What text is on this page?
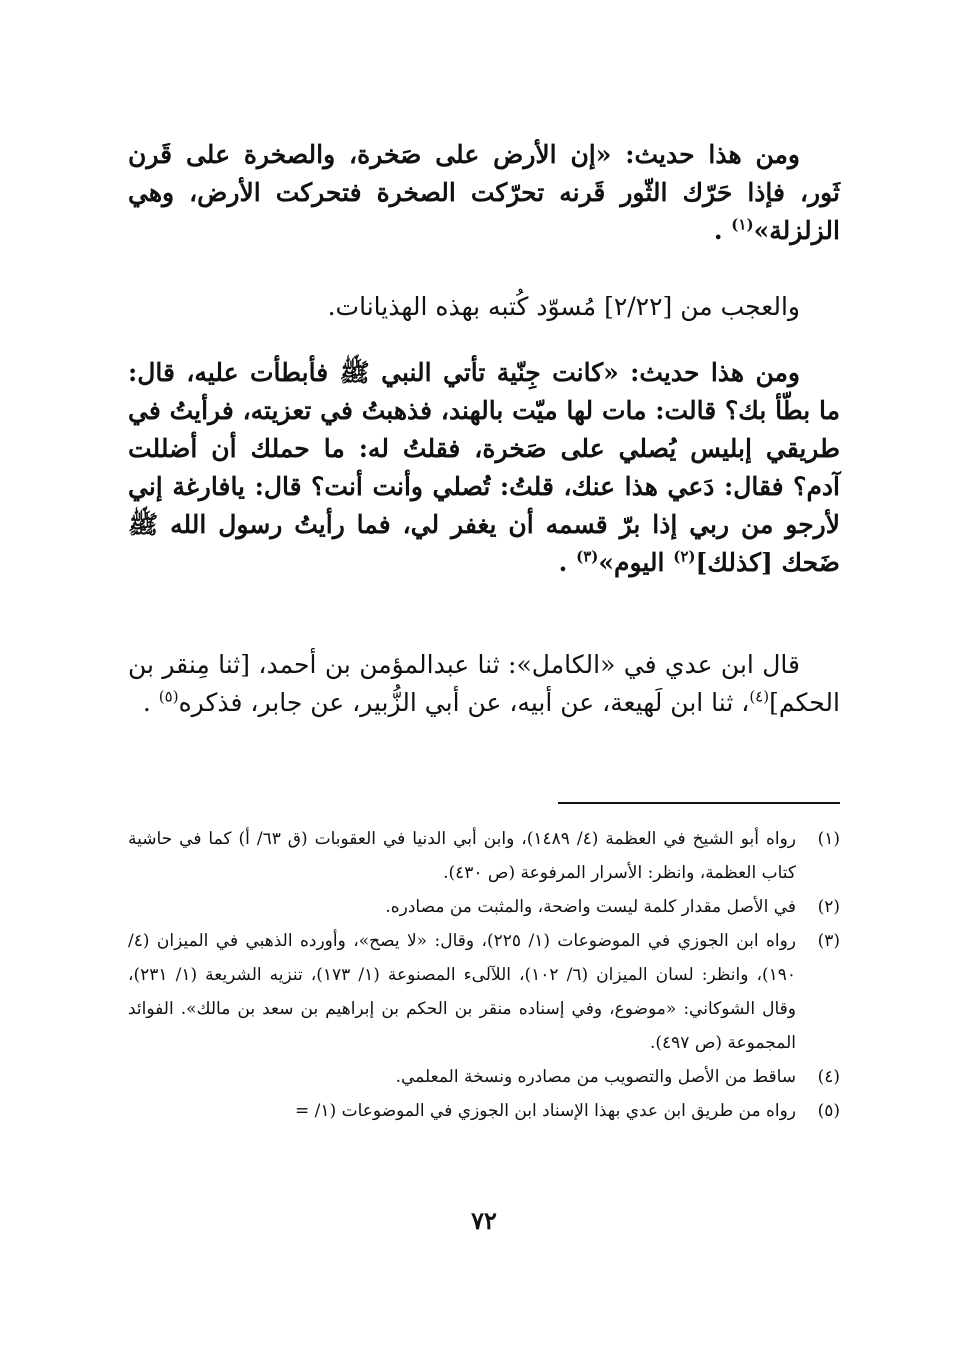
ومن هذا حديث: «إن الأرض على صَخرة، والصخرة على قَرن ثَور، فإذا حَرّك الثّور قَرنه تحرّكت الصخرة فتحركت الأرض، وهي الزلزلة»$^{(١)}$ .

والعجب من [٢/٢٢] مُسوّد كُتبه بهذه الهذيانات.

ومن هذا حديث: «كانت جِنّية تأتي النبي ﷺ فأبطأت عليه، قال: ما بطّأ بك؟ قالت: مات لها ميّت بالهند، فذهبتُ في تعزيته، فرأيتُ في طريقي إبليس يُصلي على صَخرة، فقلتُ له: ما حملك أن أضللت آدم؟ فقال: دَعي هذا عنك، قلتُ: تُصلي وأنت أنت؟ قال: يافارغة إني لأرجو من ربي إذا برّ قسمه أن يغفر لي، فما رأيتُ رسول الله ﷺ ضَحك [كذلك]$^{(٢)}$ اليوم»$^{(٣)}$ .

قال ابن عدي في «الكامل»: ثنا عبدالمؤمن بن أحمد، [ثنا مِنقر بن الحكم]$^{(٤)}$، ثنا ابن لَهيعة، عن أبيه، عن أبي الزُّبير، عن جابر، فذكره$^{(٥)}$ .

(١)
رواه أبو الشيخ في العظمة (٤/ ١٤٨٩)، وابن أبي الدنيا في العقوبات (ق ٦٣/ أ) كما في حاشية كتاب العظمة، وانظر: الأسرار المرفوعة (ص ٤٣٠).
(٢)
في الأصل مقدار كلمة ليست واضحة، والمثبت من مصادره.
(٣)
رواه ابن الجوزي في الموضوعات (١/ ٢٢٥)، وقال: «لا يصح»، وأورده الذهبي في الميزان (٤/ ١٩٠)، وانظر: لسان الميزان (٦/ ١٠٢)، اللآلىء المصنوعة (١/ ١٧٣)، تنزيه الشريعة (١/ ٢٣١)، وقال الشوكاني: «موضوع، وفي إسناده منقر بن الحكم بن إبراهيم بن سعد بن مالك». الفوائد المجموعة (ص ٤٩٧).
(٤)
ساقط من الأصل والتصويب من مصادره ونسخة المعلمي.
(٥)
رواه من طريق ابن عدي بهذا الإسناد ابن الجوزي في الموضوعات (١/ =
٧٢
